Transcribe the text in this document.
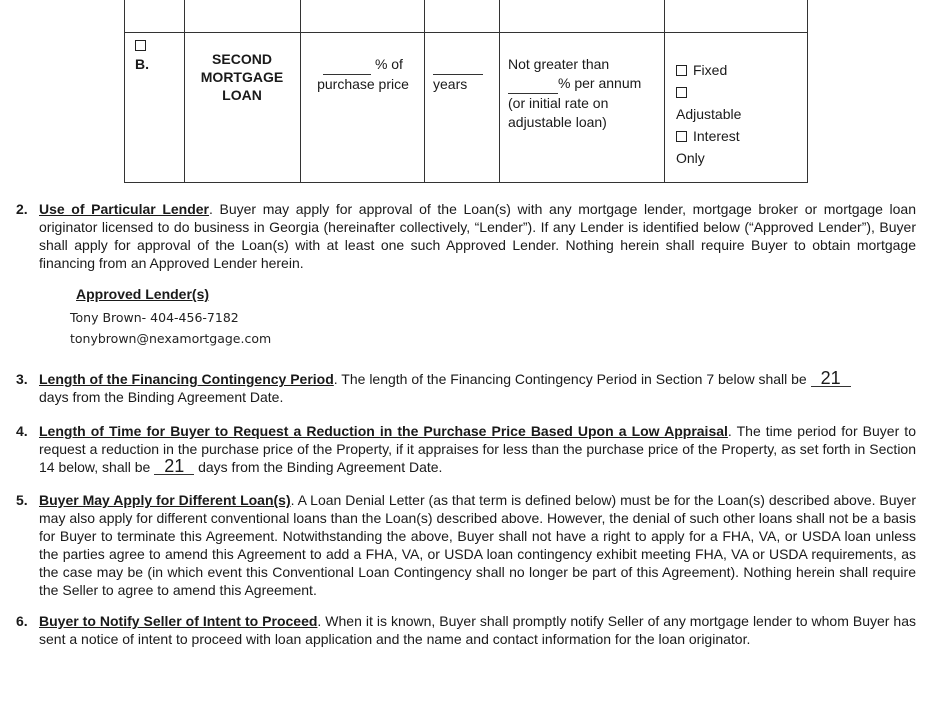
B.	SECOND MORTGAGE LOAN
% of
purchase price
	years
Not greater than
% per annum
(or initial rate on
adjustable loan)
Fixed
Adjustable
Interest Only
2. Use of Particular Lender. Buyer may apply for approval of the Loan(s) with any mortgage lender, mortgage broker or mortgage loan originator licensed to do business in Georgia (hereinafter collectively, “Lender”). If any Lender is identified below (“Approved Lender”), Buyer shall apply for approval of the Loan(s) with at least one such Approved Lender. Nothing herein shall require Buyer to obtain mortgage financing from an Approved Lender herein.
Approved Lender(s)
Tony Brown- 404-456-7182
tonybrown@nexamortgage.com
3. Length of the Financing Contingency Period. The length of the Financing Contingency Period in Section 7 below shall be 21
days from the Binding Agreement Date.
4. Length of Time for Buyer to Request a Reduction in the Purchase Price Based Upon a Low Appraisal. The time period for Buyer to request a reduction in the purchase price of the Property, if it appraises for less than the purchase price of the Property, as set forth in Section 14 below, shall be 21 days from the Binding Agreement Date.
5. Buyer May Apply for Different Loan(s). A Loan Denial Letter (as that term is defined below) must be for the Loan(s) described above. Buyer may also apply for different conventional loans than the Loan(s) described above. However, the denial of such other loans shall not be a basis for Buyer to terminate this Agreement. Notwithstanding the above, Buyer shall not have a right to apply for a FHA, VA, or USDA loan unless the parties agree to amend this Agreement to add a FHA, VA, or USDA loan contingency exhibit meeting FHA, VA or USDA requirements, as the case may be (in which event this Conventional Loan Contingency shall no longer be part of this Agreement). Nothing herein shall require the Seller to agree to amend this Agreement.
6. Buyer to Notify Seller of Intent to Proceed. When it is known, Buyer shall promptly notify Seller of any mortgage lender to whom Buyer has sent a notice of intent to proceed with loan application and the name and contact information for the loan originator.
